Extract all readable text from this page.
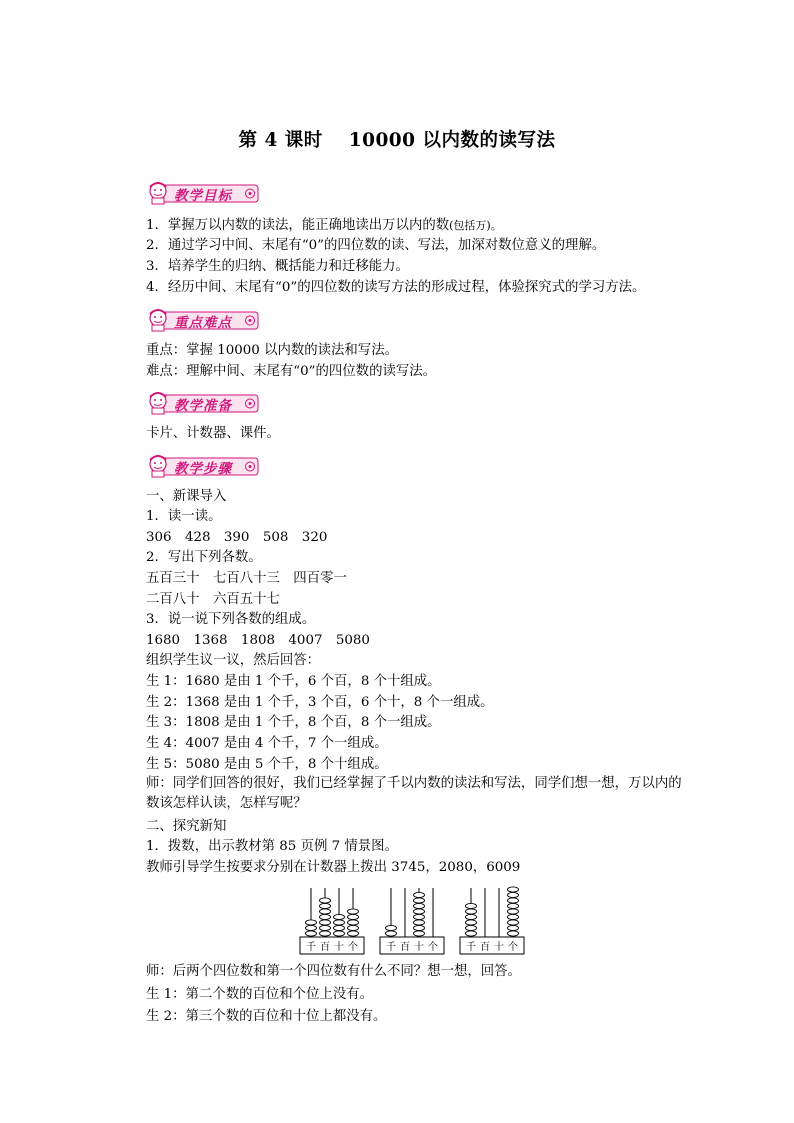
第 4 课时　 10000 以内数的读写法
教学目标
1．掌握万以内数的读法，能正确地读出万以内的数(包括万)。
2．通过学习中间、末尾有“0”的四位数的读、写法，加深对数位意义的理解。
3．培养学生的归纳、概括能力和迁移能力。
4．经历中间、末尾有“0”的四位数的读写方法的形成过程，体验探究式的学习方法。
重点难点
重点：掌握 10000 以内数的读法和写法。
难点：理解中间、末尾有“0”的四位数的读写法。
教学准备
卡片、计数器、课件。
教学步骤
一、新课导入
1．读一读。
306　428　390　508　320
2．写出下列各数。
五百三十　七百八十三　四百零一
二百八十　六百五十七
3．说一说下列各数的组成。
1680　1368　1808　4007　5080
组织学生议一议，然后回答：
生 1：1680 是由 1 个千，6 个百，8 个十组成。
生 2：1368 是由 1 个千，3 个百，6 个十，8 个一组成。
生 3：1808 是由 1 个千，8 个百，8 个一组成。
生 4：4007 是由 4 个千，7 个一组成。
生 5：5080 是由 5 个千，8 个十组成。
师：同学们回答的很好，我们已经掌握了千以内数的读法和写法，同学们想一想，万以内的数该怎样认读，怎样写呢？
二、探究新知
1．拨数，出示教材第 85 页例 7 情景图。
教师引导学生按要求分别在计数器上拨出 3745，2080，6009
千 百 十 个	千 百 十 个	千 百 十 个
师：后两个四位数和第一个四位数有什么不同？想一想，回答。
生 1：第二个数的百位和个位上没有。
生 2：第三个数的百位和十位上都没有。
